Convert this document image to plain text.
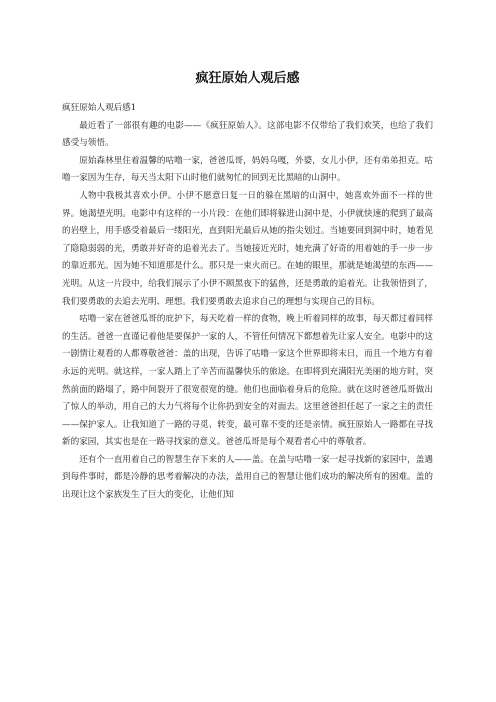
疯狂原始人观后感

疯狂原始人观后感1

最近看了一部很有趣的电影——《疯狂原始人》。这部电影不仅带给了我们欢笑，也给了我们感受与领悟。

原始森林里住着温馨的咕噜一家，爸爸瓜哥，妈妈乌嘎，外婆，女儿小伊，还有弟弟担克。咕噜一家因为生存，每天当太阳下山时他们就匆忙的回到无比黑暗的山洞中。

人物中我极其喜欢小伊。小伊不愿意日复一日的躲在黑暗的山洞中，她喜欢外面不一样的世界。她渴望光明。电影中有这样的一小片段：在他们即将躲进山洞中是，小伊就快速的爬到了最高的岩壁上，用手感受着最后一缕阳光，直到阳光最后从她的指尖划过。当她要回到洞中时，她看见了隐隐弱弱的光，勇敢并好奇的追着光去了。当她接近光时，她充满了好奇的用着她的手一步一步的靠近那光。因为她不知道那是什么。那只是一束火而已。在她的眼里，那就是她渴望的东西——光明。从这一片段中，给我们展示了小伊不顾黑夜下的猛兽，还是勇敢的追着光。让我领悟到了，我们要勇敢的去追去光明、理想。我们要勇敢去追求自己的理想与实现自己的目标。

咕噜一家在爸爸瓜哥的庇护下，每天吃着一样的食物，晚上听着同样的故事，每天都过着同样的生活。爸爸一直谨记着他是要保护一家的人，不管任何情况下都想着先让家人安全。电影中的这一剧情让观看的人都尊敬爸爸：盖的出现，告诉了咕噜一家这个世界即将末日，而且一个地方有着永远的光明。就这样，一家人踏上了辛苦而温馨快乐的旅途。在即将到充满阳光美丽的地方时，突然前面的路塌了，路中间裂开了很宽很宽的缝。他们也面临着身后的危险。就在这时爸爸瓜哥做出了惊人的举动，用自己的大力气将每个让你扔到安全的对面去。这里爸爸担任起了一家之主的责任——保护家人。让我知道了一路的寻觅、转变，最可靠不变的还是亲情。疯狂原始人一路都在寻找新的家园，其实也是在一路寻找家的意义。爸爸瓜哥是每个观看者心中的尊敬者。

还有个一直用着自己的智慧生存下来的人——盖。在盖与咕噜一家一起寻找新的家园中，盖遇到每件事时，都是冷静的思考着解决的办法，盖用自己的智慧让他们成功的解决所有的困难。盖的出现让这个家族发生了巨大的变化，让他们知
